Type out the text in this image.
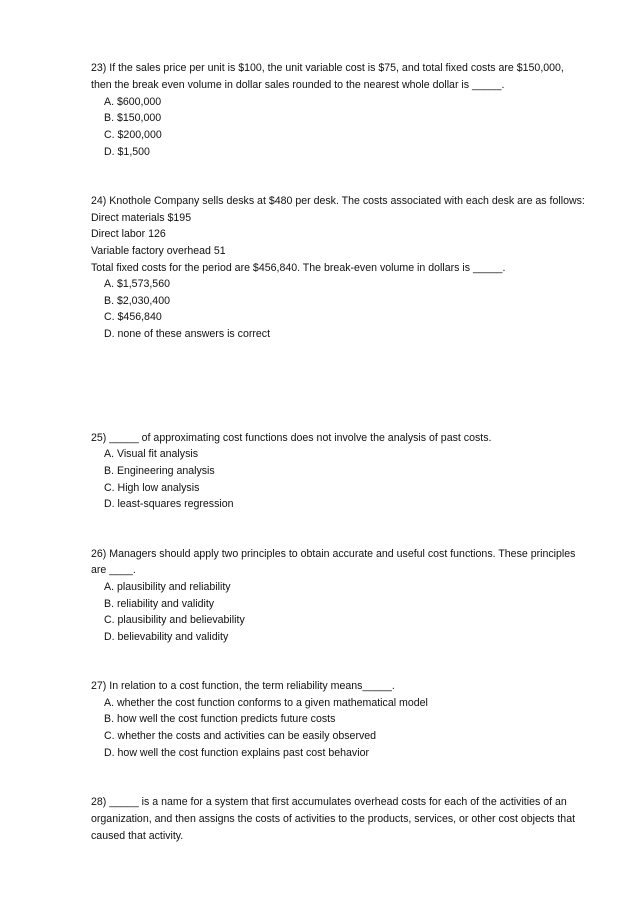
23) If the sales price per unit is $100, the unit variable cost is $75, and total fixed costs are $150,000,
then the break even volume in dollar sales rounded to the nearest whole dollar is _____.
A. $600,000
B. $150,000
C. $200,000
D. $1,500
24) Knothole Company sells desks at $480 per desk. The costs associated with each desk are as follows:
Direct materials $195
Direct labor 126
Variable factory overhead 51
Total fixed costs for the period are $456,840. The break-even volume in dollars is _____.
A. $1,573,560
B. $2,030,400
C. $456,840
D. none of these answers is correct
25) _____ of approximating cost functions does not involve the analysis of past costs.
A. Visual fit analysis
B. Engineering analysis
C. High low analysis
D. least-squares regression
26) Managers should apply two principles to obtain accurate and useful cost functions. These principles
are ____.
A. plausibility and reliability
B. reliability and validity
C. plausibility and believability
D. believability and validity
27) In relation to a cost function, the term reliability means_____.
A. whether the cost function conforms to a given mathematical model
B. how well the cost function predicts future costs
C. whether the costs and activities can be easily observed
D. how well the cost function explains past cost behavior
28) _____ is a name for a system that first accumulates overhead costs for each of the activities of an
organization, and then assigns the costs of activities to the products, services, or other cost objects that
caused that activity.
